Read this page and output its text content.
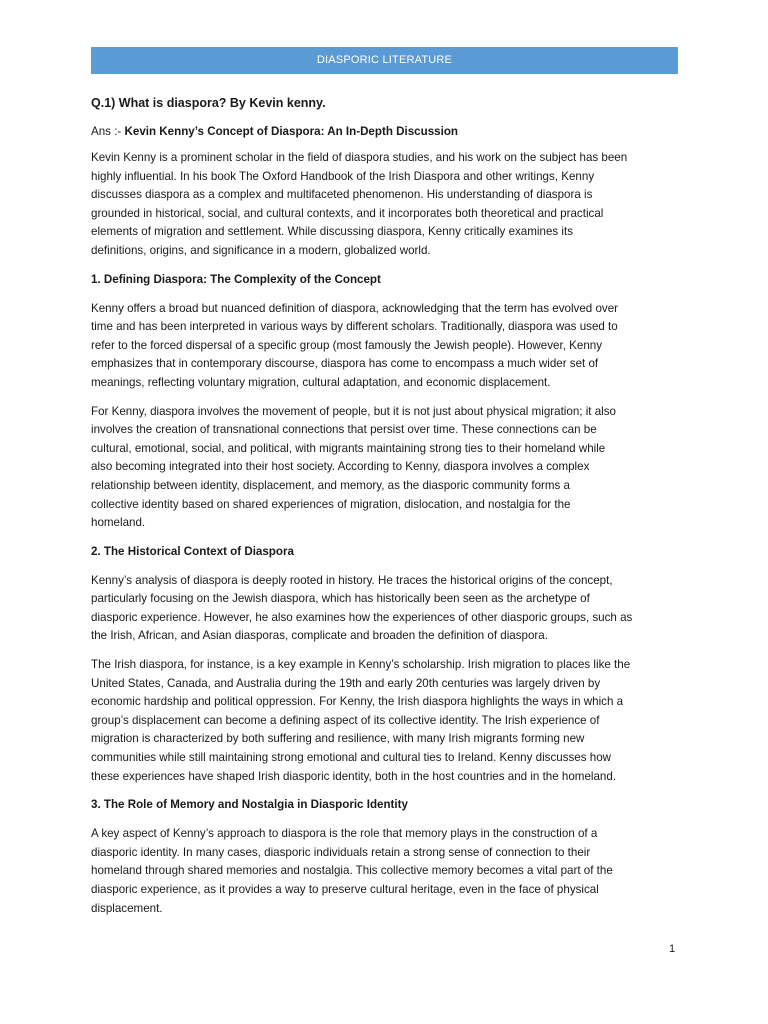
DIASPORIC LITERATURE
Q.1) What is diaspora? By Kevin kenny.
Ans :- Kevin Kenny’s Concept of Diaspora: An In-Depth Discussion

Kevin Kenny is a prominent scholar in the field of diaspora studies, and his work on the subject has been
highly influential. In his book The Oxford Handbook of the Irish Diaspora and other writings, Kenny
discusses diaspora as a complex and multifaceted phenomenon. His understanding of diaspora is
grounded in historical, social, and cultural contexts, and it incorporates both theoretical and practical
elements of migration and settlement. While discussing diaspora, Kenny critically examines its
definitions, origins, and significance in a modern, globalized world.

1. Defining Diaspora: The Complexity of the Concept

Kenny offers a broad but nuanced definition of diaspora, acknowledging that the term has evolved over
time and has been interpreted in various ways by different scholars. Traditionally, diaspora was used to
refer to the forced dispersal of a specific group (most famously the Jewish people). However, Kenny
emphasizes that in contemporary discourse, diaspora has come to encompass a much wider set of
meanings, reflecting voluntary migration, cultural adaptation, and economic displacement.

For Kenny, diaspora involves the movement of people, but it is not just about physical migration; it also
involves the creation of transnational connections that persist over time. These connections can be
cultural, emotional, social, and political, with migrants maintaining strong ties to their homeland while
also becoming integrated into their host society. According to Kenny, diaspora involves a complex
relationship between identity, displacement, and memory, as the diasporic community forms a
collective identity based on shared experiences of migration, dislocation, and nostalgia for the
homeland.

2. The Historical Context of Diaspora

Kenny’s analysis of diaspora is deeply rooted in history. He traces the historical origins of the concept,
particularly focusing on the Jewish diaspora, which has historically been seen as the archetype of
diasporic experience. However, he also examines how the experiences of other diasporic groups, such as
the Irish, African, and Asian diasporas, complicate and broaden the definition of diaspora.

The Irish diaspora, for instance, is a key example in Kenny’s scholarship. Irish migration to places like the
United States, Canada, and Australia during the 19th and early 20th centuries was largely driven by
economic hardship and political oppression. For Kenny, the Irish diaspora highlights the ways in which a
group’s displacement can become a defining aspect of its collective identity. The Irish experience of
migration is characterized by both suffering and resilience, with many Irish migrants forming new
communities while still maintaining strong emotional and cultural ties to Ireland. Kenny discusses how
these experiences have shaped Irish diasporic identity, both in the host countries and in the homeland.

3. The Role of Memory and Nostalgia in Diasporic Identity

A key aspect of Kenny’s approach to diaspora is the role that memory plays in the construction of a
diasporic identity. In many cases, diasporic individuals retain a strong sense of connection to their
homeland through shared memories and nostalgia. This collective memory becomes a vital part of the
diasporic experience, as it provides a way to preserve cultural heritage, even in the face of physical
displacement.

1
